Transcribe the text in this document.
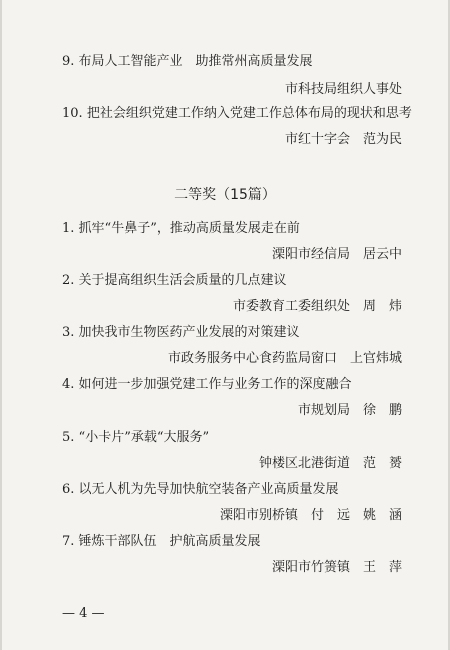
9. 布局人工智能产业　助推常州高质量发展
市科技局组织人事处
10. 把社会组织党建工作纳入党建工作总体布局的现状和思考
市红十字会　范为民
二等奖（15篇）
1. 抓牢“牛鼻子”，推动高质量发展走在前
溧阳市经信局　居云中
2. 关于提高组织生活会质量的几点建议
市委教育工委组织处　周　炜
3. 加快我市生物医药产业发展的对策建议
市政务服务中心食药监局窗口　上官炜城
4. 如何进一步加强党建工作与业务工作的深度融合
市规划局　徐　鹏
5. “小卡片”承载“大服务”
钟楼区北港街道　范　赟
6. 以无人机为先导加快航空装备产业高质量发展
溧阳市别桥镇　付　远　姚　涵
7. 锤炼干部队伍　护航高质量发展
溧阳市竹箦镇　王　萍
— 4 —
